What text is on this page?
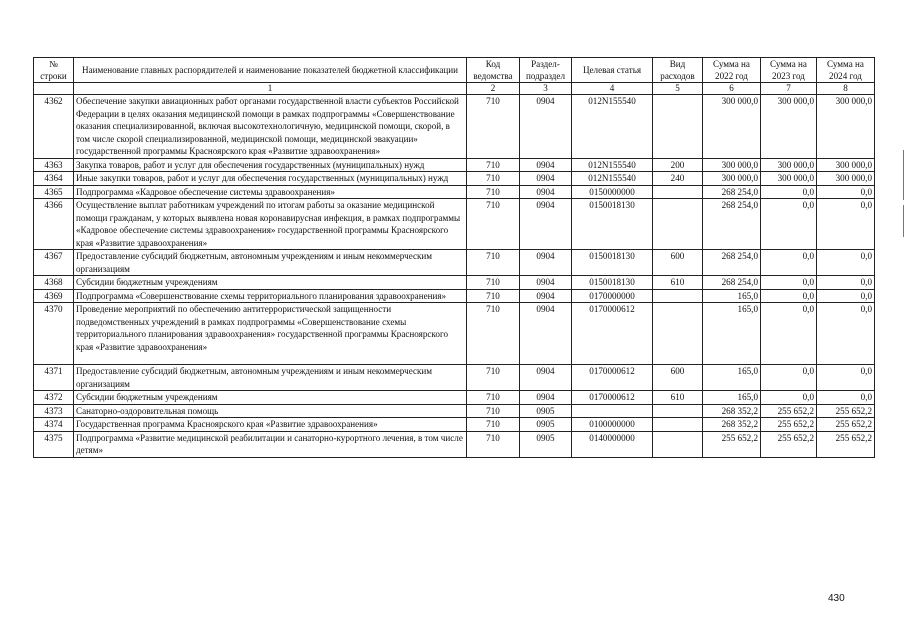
№ строки	Наименование главных распорядителей и наименование показателей бюджетной классификации	Код ведомства	Раздел-подраздел	Целевая статья	Вид расходов	Сумма на 2022 год	Сумма на 2023 год	Сумма на 2024 год
	1	2	3	4	5	6	7	8
4362	Обеспечение закупки авиационных работ органами государственной власти субъектов Российской Федерации в целях оказания медицинской помощи в рамках подпрограммы «Совершенствование оказания специализированной, включая высокотехнологичную, медицинской помощи, скорой, в том числе скорой специализированной, медицинской помощи, медицинской эвакуации» государственной программы Красноярского края «Развитие здравоохранения»	710	0904	012N155540		300 000,0	300 000,0	300 000,0
4363	Закупка товаров, работ и услуг для обеспечения государственных (муниципальных) нужд	710	0904	012N155540	200	300 000,0	300 000,0	300 000,0
4364	Иные закупки товаров, работ и услуг для обеспечения государственных (муниципальных) нужд	710	0904	012N155540	240	300 000,0	300 000,0	300 000,0
4365	Подпрограмма «Кадровое обеспечение системы здравоохранения»	710	0904	0150000000		268 254,0	0,0	0,0
4366	Осуществление выплат работникам учреждений по итогам работы за оказание медицинской помощи гражданам, у которых выявлена новая коронавирусная инфекция, в рамках подпрограммы «Кадровое обеспечение системы здравоохранения» государственной программы Красноярского края «Развитие здравоохранения»	710	0904	0150018130		268 254,0	0,0	0,0
4367	Предоставление субсидий бюджетным, автономным учреждениям и иным некоммерческим организациям	710	0904	0150018130	600	268 254,0	0,0	0,0
4368	Субсидии бюджетным учреждениям	710	0904	0150018130	610	268 254,0	0,0	0,0
4369	Подпрограмма «Совершенствование схемы территориального планирования здравоохранения»	710	0904	0170000000		165,0	0,0	0,0
4370	Проведение мероприятий по обеспечению антитеррористической защищенности подведомственных учреждений в рамках подпрограммы «Совершенствование схемы территориального планирования здравоохранения» государственной программы Красноярского края «Развитие здравоохранения»	710	0904	0170000612		165,0	0,0	0,0
4371	Предоставление субсидий бюджетным, автономным учреждениям и иным некоммерческим организациям	710	0904	0170000612	600	165,0	0,0	0,0
4372	Субсидии бюджетным учреждениям	710	0904	0170000612	610	165,0	0,0	0,0
4373	Санаторно-оздоровительная помощь	710	0905			268 352,2	255 652,2	255 652,2
4374	Государственная программа Красноярского края «Развитие здравоохранения»	710	0905	0100000000		268 352,2	255 652,2	255 652,2
4375	Подпрограмма «Развитие медицинской реабилитации и санаторно-курортного лечения, в том числе детям»	710	0905	0140000000		255 652,2	255 652,2	255 652,2
430
